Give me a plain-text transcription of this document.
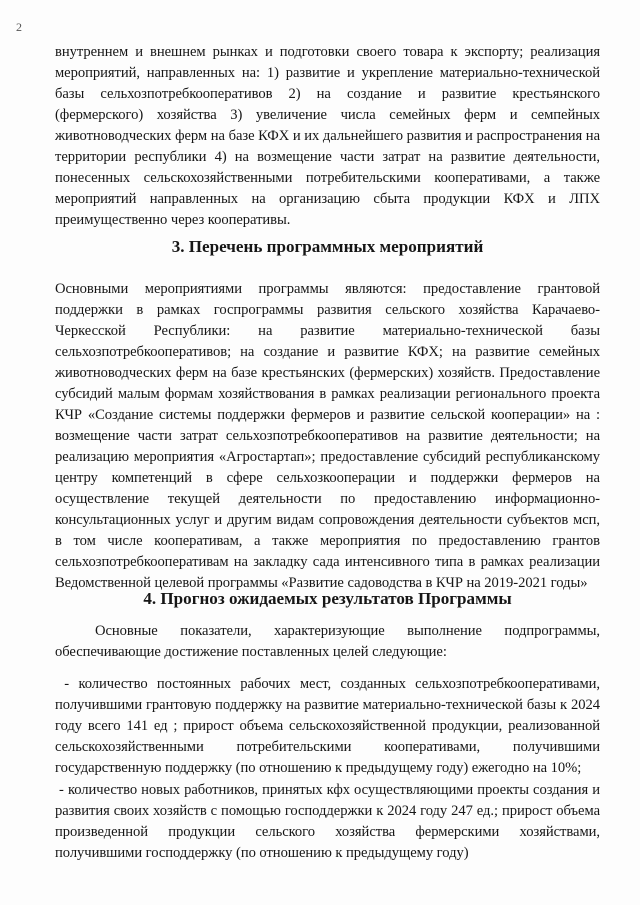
2

внутреннем и внешнем рынках и подготовки своего товара к экспорту; реализация мероприятий, направленных на: 1) развитие и укрепление материально-технической базы сельхозпотребкооперативов 2) на создание и развитие крестьянского (фермерского) хозяйства 3) увеличение числа семейных ферм и семпейных животноводческих ферм на базе КФХ и их дальнейшего развития и распространения на территории республики 4) на возмещение части затрат на развитие деятельности, понесенных сельскохозяйственными потребительскими кооперативами, а также мероприятий направленных на организацию сбыта продукции КФХ и ЛПХ преимущественно через кооперативы.

3. Перечень программных мероприятий

Основными мероприятиями программы являются: предоставление грантовой поддержки в рамках госпрограммы развития сельского хозяйства Карачаево-Черкесской Республики: на развитие материально-технической базы сельхозпотребкооперативов; на создание и развитие КФХ; на развитие семейных животноводческих ферм на базе крестьянских (фермерских) хозяйств. Предоставление субсидий малым формам хозяйствования в рамках реализации регионального проекта КЧР «Создание системы поддержки фермеров и развитие сельской кооперации» на : возмещение части затрат сельхозпотребкооперативов на развитие деятельности; на реализацию мероприятия «Агростартап»; предоставление субсидий республиканскому центру компетенций в сфере сельхозкооперации и поддержки фермеров на осуществление текущей деятельности по предоставлению информационно-консультационных услуг и другим видам сопровождения деятельности субъектов мсп, в том числе кооперативам, а также мероприятия по предоставлению грантов сельхозпотребкооперативам на закладку сада интенсивного типа в рамках реализации Ведомственной целевой программы «Развитие садоводства в КЧР на 2019-2021 годы»

4. Прогноз ожидаемых результатов Программы

Основные показатели, характеризующие выполнение подпрограммы, обеспечивающие достижение поставленных целей следующие:

- количество постоянных рабочих мест, созданных сельхозпотребкооперативами, получившими грантовую поддержку на развитие материально-технической базы к 2024 году всего 141 ед ; прирост объема сельскохозяйственной продукции, реализованной сельскохозяйственными потребительскими кооперативами, получившими государственную поддержку (по отношению к предыдущему году) ежегодно на 10%;

- количество новых работников, принятых кфх осуществляющими проекты создания и развития своих хозяйств с помощью господдержки к 2024 году 247 ед.; прирост объема произведенной продукции сельского хозяйства фермерскими хозяйствами, получившими господдержку (по отношению к предыдущему году)
